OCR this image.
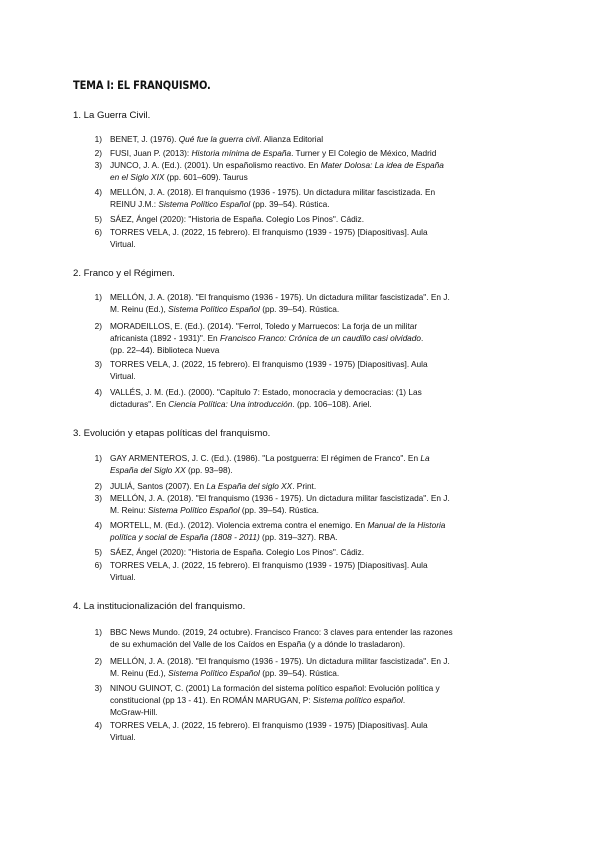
TEMA I: EL FRANQUISMO.
1. La Guerra Civil.
2. Franco y el Régimen.
3. Evolución y etapas políticas del franquismo.
4. La institucionalización del franquismo.
1) BENET, J. (1976). Qué fue la guerra civil. Alianza Editorial
2) FUSI, Juan P. (2013): Historia mínima de España. Turner y El Colegio de México, Madrid
3) JUNCO, J. A. (Ed.). (2001). Un españolismo reactivo. En Mater Dolosa: La idea de España
en el Siglo XIX (pp. 601–609). Taurus
4) MELLÓN, J. A. (2018). El franquismo (1936 - 1975). Un dictadura militar fascistizada. En
REINU J.M.: Sistema Político Español (pp. 39–54). Rústica.
5) SÁEZ, Ángel (2020): "Historia de España. Colegio Los Pinos". Cádiz.
6) TORRES VELA, J. (2022, 15 febrero). El franquismo (1939 - 1975) [Diapositivas]. Aula
Virtual.
1) MELLÓN, J. A. (2018). "El franquismo (1936 - 1975). Un dictadura militar fascistizada". En J.
M. Reinu (Ed.), Sistema Político Español (pp. 39–54). Rústica.
2) MORADEILLOS, E. (Ed.). (2014). "Ferrol, Toledo y Marruecos: La forja de un militar
africanista (1892 - 1931)". En Francisco Franco: Crónica de un caudillo casi olvidado.
(pp. 22–44). Biblioteca Nueva
3) TORRES VELA, J. (2022, 15 febrero). El franquismo (1939 - 1975) [Diapositivas]. Aula
Virtual.
4) VALLÉS, J. M. (Ed.). (2000). "Capítulo 7: Estado, monocracia y democracias: (1) Las
dictaduras". En Ciencia Política: Una introducción. (pp. 106–108). Ariel.
1) GAY ARMENTEROS, J. C. (Ed.). (1986). "La postguerra: El régimen de Franco". En La
España del Siglo XX (pp. 93–98).
2) JULIÁ, Santos (2007). En La España del siglo XX. Print.
3) MELLÓN, J. A. (2018). "El franquismo (1936 - 1975). Un dictadura militar fascistizada". En J.
M. Reinu: Sistema Político Español (pp. 39–54). Rústica.
4) MORTELL, M. (Ed.). (2012). Violencia extrema contra el enemigo. En Manual de la Historia
política y social de España (1808 - 2011) (pp. 319–327). RBA.
5) SÁEZ, Ángel (2020): "Historia de España. Colegio Los Pinos". Cádiz.
6) TORRES VELA, J. (2022, 15 febrero). El franquismo (1939 - 1975) [Diapositivas]. Aula
Virtual.
1) BBC News Mundo. (2019, 24 octubre). Francisco Franco: 3 claves para entender las razones
de su exhumación del Valle de los Caídos en España (y a dónde lo trasladaron).
2) MELLÓN, J. A. (2018). "El franquismo (1936 - 1975). Un dictadura militar fascistizada". En J.
M. Reinu (Ed.), Sistema Político Español (pp. 39–54). Rústica.
3) NINOU GUINOT, C. (2001) La formación del sistema político español: Evolución política y
constitucional (pp 13 - 41). En ROMÁN MARUGAN, P: Sistema político español.
McGraw-Hill.
4) TORRES VELA, J. (2022, 15 febrero). El franquismo (1939 - 1975) [Diapositivas]. Aula
Virtual.
